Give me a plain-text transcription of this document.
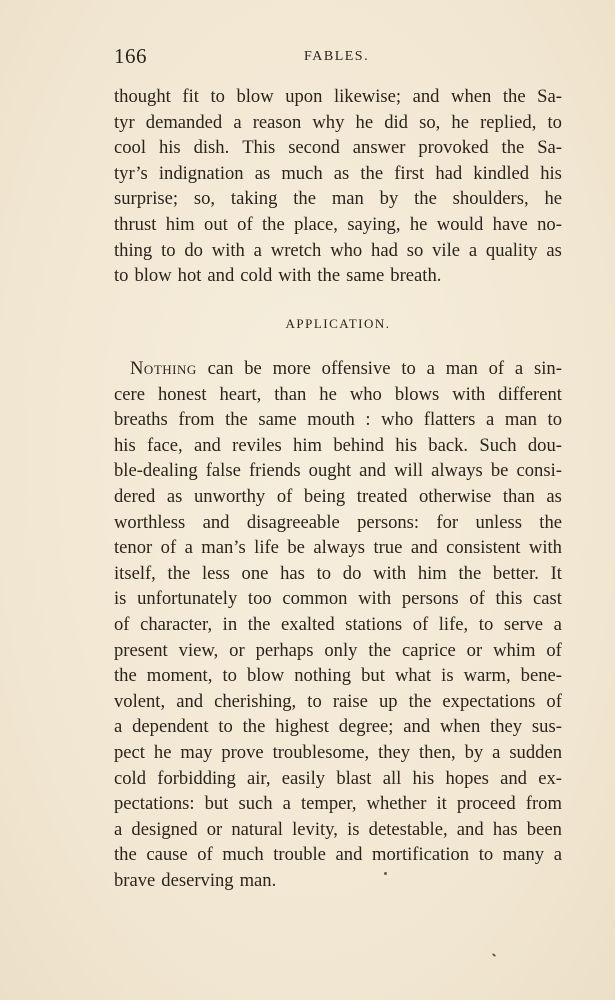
166	FABLES.
thought fit to blow upon likewise; and when the Sa-
tyr demanded a reason why he did so, he replied, to
cool his dish. This second answer provoked the Sa-
tyr’s indignation as much as the first had kindled his
surprise; so, taking the man by the shoulders, he
thrust him out of the place, saying, he would have no-
thing to do with a wretch who had so vile a quality as
to blow hot and cold with the same breath.
APPLICATION.
Nothing can be more offensive to a man of a sin-
cere honest heart, than he who blows with different
breaths from the same mouth : who flatters a man to
his face, and reviles him behind his back. Such dou-
ble-dealing false friends ought and will always be consi-
dered as unworthy of being treated otherwise than as
worthless and disagreeable persons: for unless the
tenor of a man’s life be always true and consistent with
itself, the less one has to do with him the better. It
is unfortunately too common with persons of this cast
of character, in the exalted stations of life, to serve a
present view, or perhaps only the caprice or whim of
the moment, to blow nothing but what is warm, bene-
volent, and cherishing, to raise up the expectations of
a dependent to the highest degree; and when they sus-
pect he may prove troublesome, they then, by a sudden
cold forbidding air, easily blast all his hopes and ex-
pectations: but such a temper, whether it proceed from
a designed or natural levity, is detestable, and has been
the cause of much trouble and mortification to many a
brave deserving man.
